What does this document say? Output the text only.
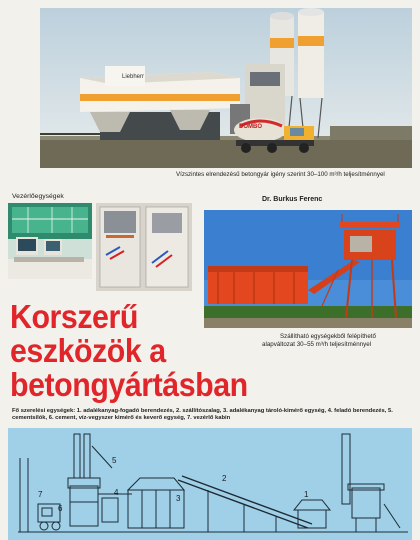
Liebherr
DOMBO
Vízszintes elrendezésű betongyár igény szerint 30–100 m³/h teljesítménnyel
Vezérlőegységek	Dr. Burkus Ferenc
Szállítható egységekből felépíthető
alapváltozat 30–55 m³/h teljesítménnyel
Korszerű
eszközök a
betongyártásban
Fő szerelési egységek: 1. adalékanyag-fogadó berendezés, 2. szállítószalag, 3. adalékanyag tároló-kimérő egység, 4. feladó berendezés, 5. cementsilók, 6. cement, víz-vegyszer kimérő és keverő egység, 7. vezérlő kabin
1
2
3
4
5
6
7
